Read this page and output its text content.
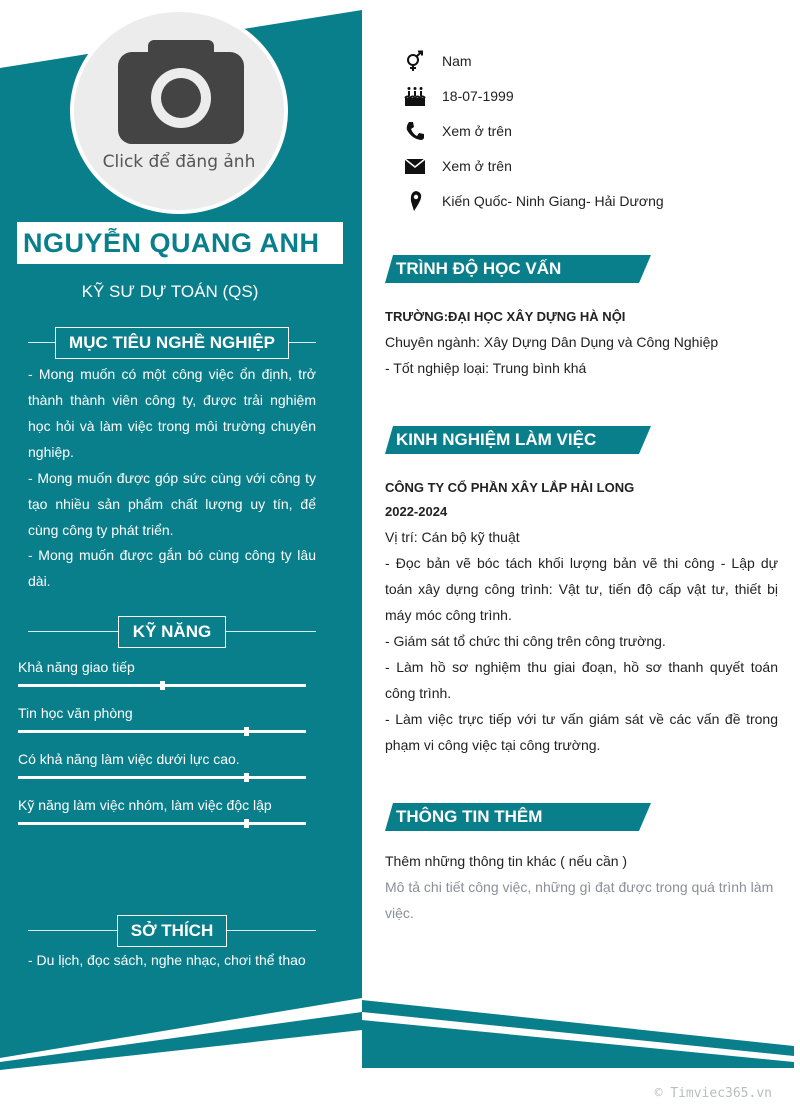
Click để đăng ảnh
NGUYỄN QUANG ANH
KỸ SƯ DỰ TOÁN (QS)
MỤC TIÊU NGHỀ NGHIỆP

- Mong muốn có một công việc ổn định, trở thành thành viên công ty, được trải nghiệm học hỏi và làm việc trong môi trường chuyên nghiệp.

- Mong muốn được góp sức cùng với công ty tạo nhiều sản phẩm chất lượng uy tín, để cùng công ty phát triển.

- Mong muốn được gắn bó cùng công ty lâu dài.

KỸ NĂNG
Khả năng giao tiếp
Tin học văn phòng
Có khả năng làm việc dưới lực cao.
Kỹ năng làm việc nhóm, làm việc độc lập
SỞ THÍCH
- Du lịch, đọc sách, nghe nhạc, chơi thể thao
Nam
18-07-1999
Xem ở trên
Xem ở trên
Kiến Quốc- Ninh Giang- Hải Dương
TRÌNH ĐỘ HỌC VẤN

TRƯỜNG:ĐẠI HỌC XÂY DỰNG HÀ NỘI

Chuyên ngành: Xây Dựng Dân Dụng và Công Nghiệp

- Tốt nghiệp loại: Trung bình khá

KINH NGHIỆM LÀM VIỆC

CÔNG TY CỔ PHẦN XÂY LẮP HẢI LONG

2022-2024

Vị trí: Cán bộ kỹ thuật

- Đọc bản vẽ bóc tách khối lượng bản vẽ thi công - Lập dự toán xây dựng công trình: Vật tư, tiến độ cấp vật tư, thiết bị máy móc công trình.

- Giám sát tổ chức thi công trên công trường.

- Làm hồ sơ nghiệm thu giai đoạn, hồ sơ thanh quyết toán công trình.

- Làm việc trực tiếp với tư vấn giám sát về các vấn đề trong phạm vi công việc tại công trường.

THÔNG TIN THÊM

Thêm những thông tin khác ( nếu cần )

Mô tả chi tiết công việc, những gì đạt được trong quá trình làm việc.

© Timviec365.vn
